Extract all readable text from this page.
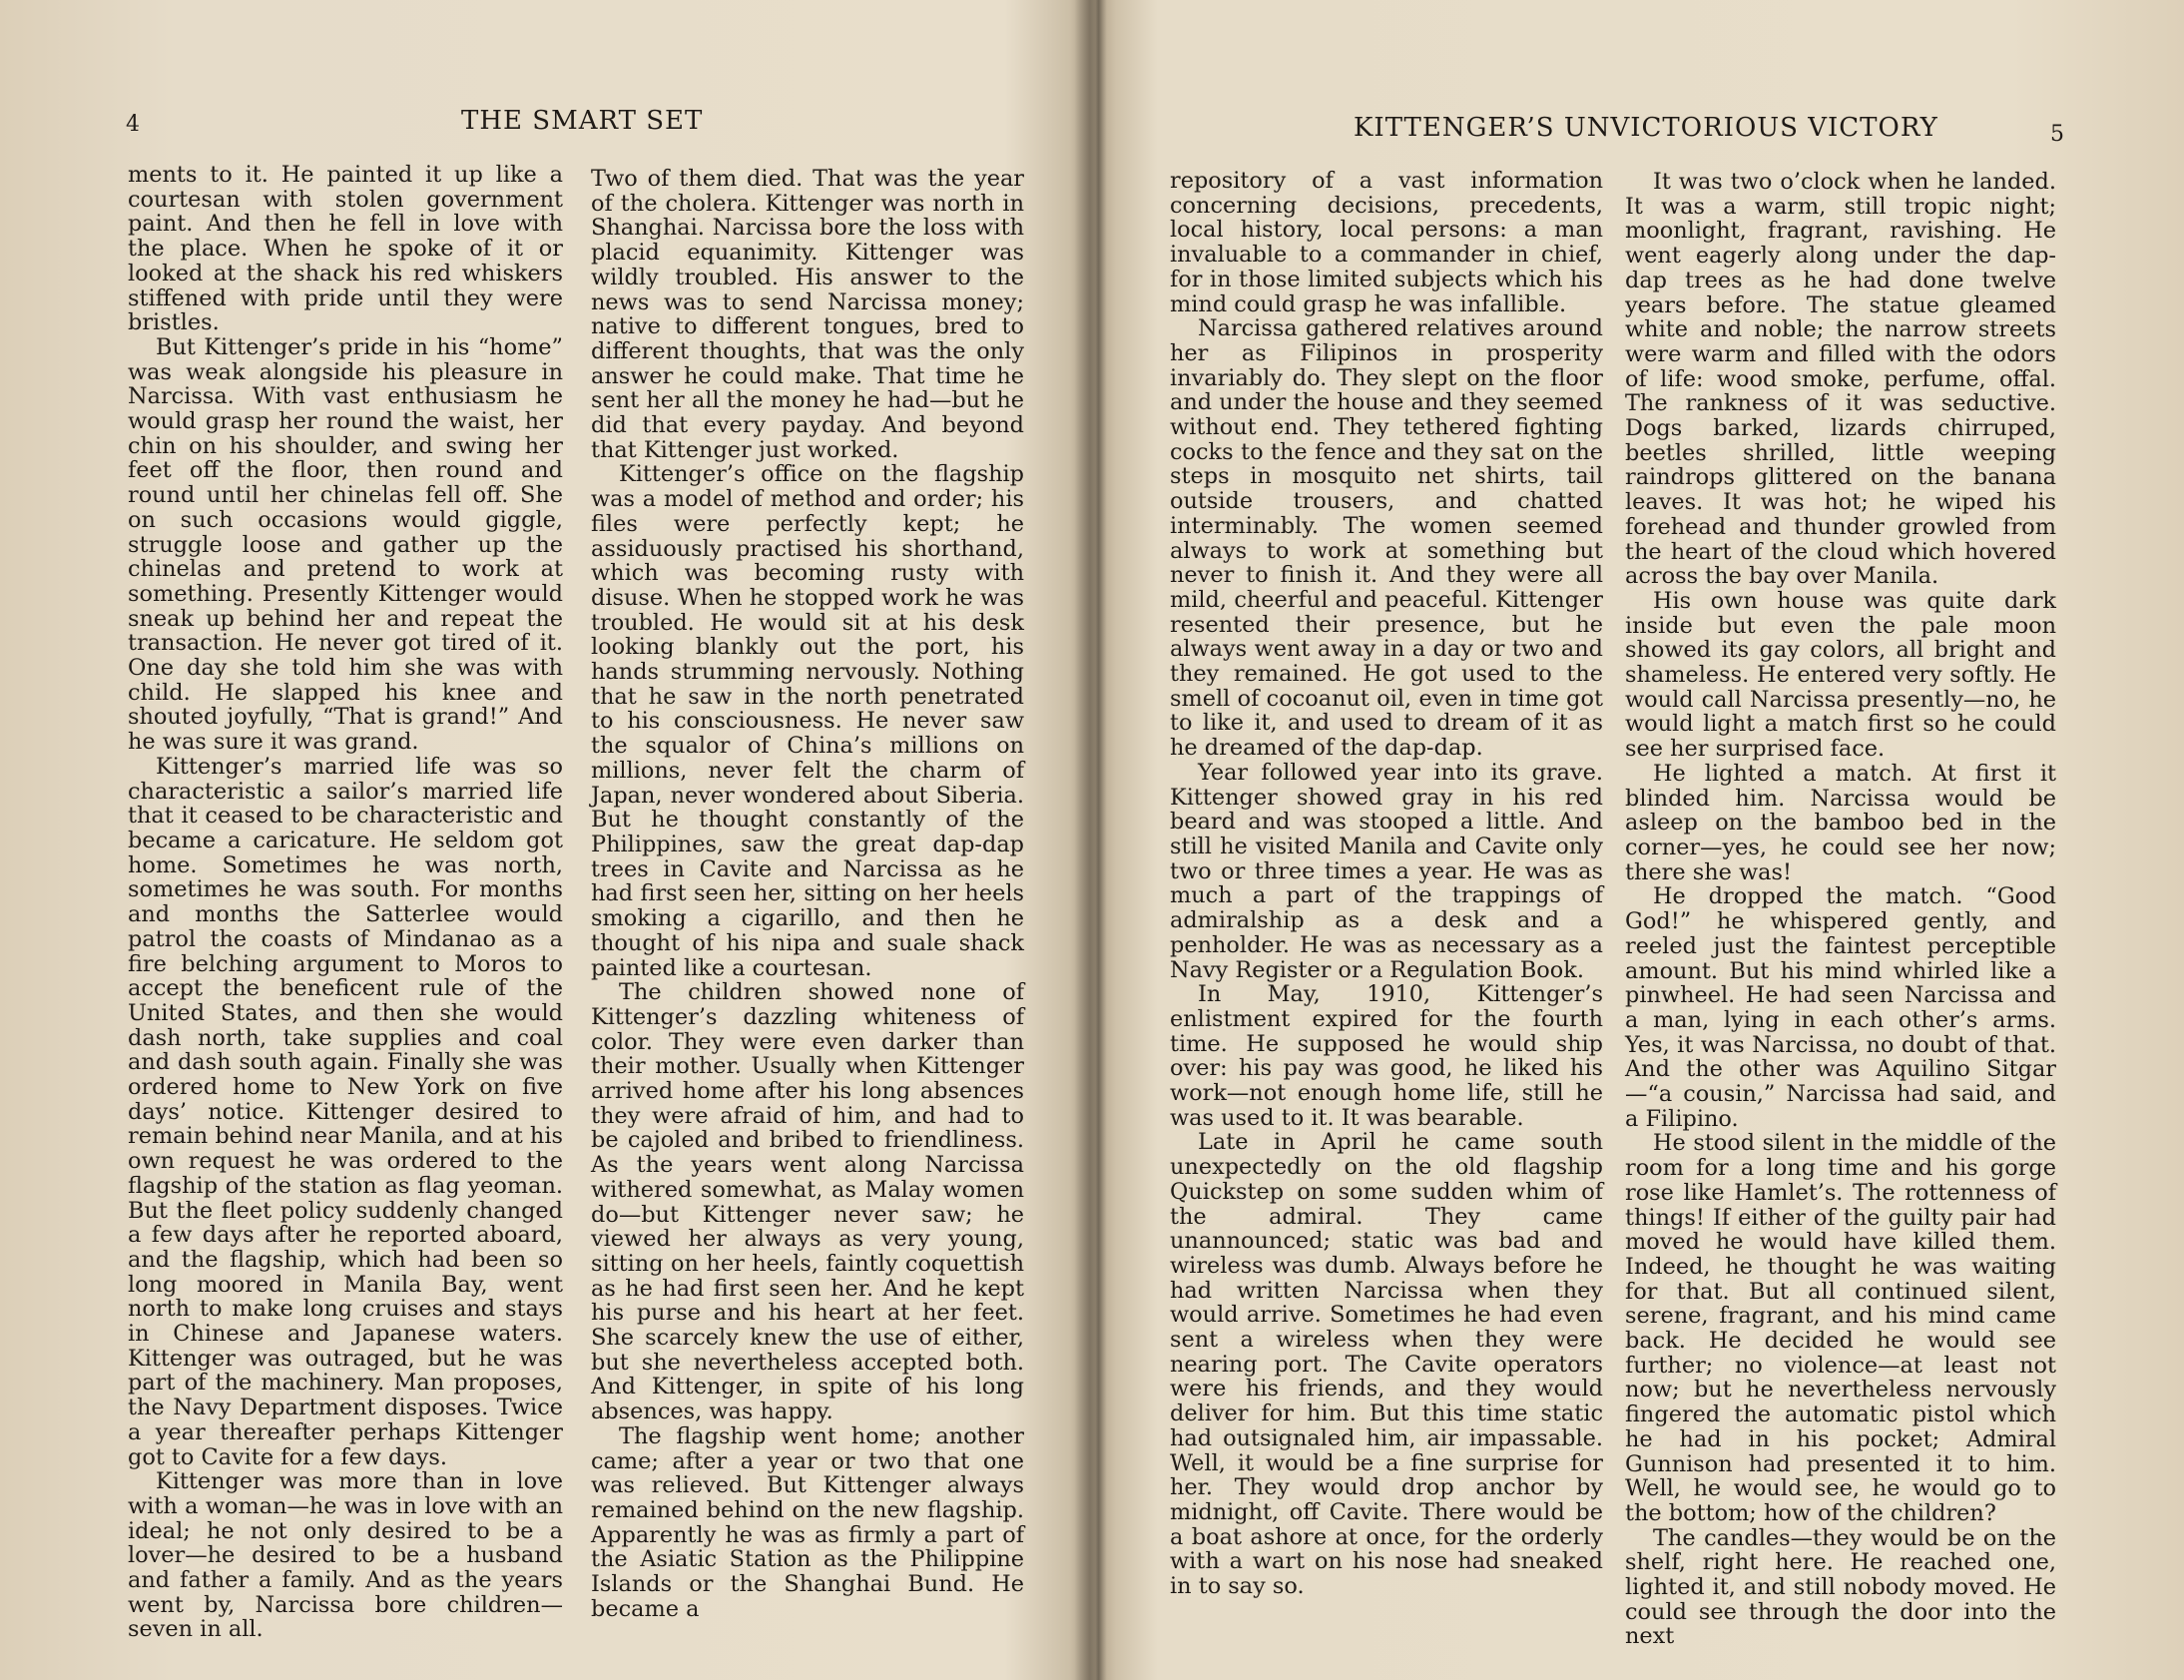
4	THE SMART SET

ments to it. He painted it up like a courtesan with stolen government paint. And then he fell in love with the place. When he spoke of it or looked at the shack his red whiskers stiffened with pride until they were bristles.

But Kittenger’s pride in his “home” was weak alongside his pleasure in Narcissa. With vast enthusiasm he would grasp her round the waist, her chin on his shoulder, and swing her feet off the floor, then round and round until her chinelas fell off. She on such occasions would giggle, struggle loose and gather up the chinelas and pretend to work at something. Presently Kittenger would sneak up behind her and repeat the transaction. He never got tired of it. One day she told him she was with child. He slapped his knee and shouted joyfully, “That is grand!” And he was sure it was grand.

Kittenger’s married life was so characteristic a sailor’s married life that it ceased to be characteristic and became a caricature. He seldom got home. Sometimes he was north, sometimes he was south. For months and months the Satterlee would patrol the coasts of Mindanao as a fire belching argument to Moros to accept the beneficent rule of the United States, and then she would dash north, take supplies and coal and dash south again. Finally she was ordered home to New York on five days’ notice. Kittenger desired to remain behind near Manila, and at his own request he was ordered to the flagship of the station as flag yeoman. But the fleet policy suddenly changed a few days after he reported aboard, and the flagship, which had been so long moored in Manila Bay, went north to make long cruises and stays in Chinese and Japanese waters. Kittenger was outraged, but he was part of the machinery. Man proposes, the Navy Department disposes. Twice a year thereafter perhaps Kittenger got to Cavite for a few days.

Kittenger was more than in love with a woman—he was in love with an ideal; he not only desired to be a lover—he desired to be a husband and father a family. And as the years went by, Narcissa bore children—seven in all.

Two of them died. That was the year of the cholera. Kittenger was north in Shanghai. Narcissa bore the loss with placid equanimity. Kittenger was wildly troubled. His answer to the news was to send Narcissa money; native to different tongues, bred to different thoughts, that was the only answer he could make. That time he sent her all the money he had—but he did that every payday. And beyond that Kittenger just worked.

Kittenger’s office on the flagship was a model of method and order; his files were perfectly kept; he assiduously practised his shorthand, which was becoming rusty with disuse. When he stopped work he was troubled. He would sit at his desk looking blankly out the port, his hands strumming nervously. Nothing that he saw in the north penetrated to his consciousness. He never saw the squalor of China’s millions on millions, never felt the charm of Japan, never wondered about Siberia. But he thought constantly of the Philippines, saw the great dap-dap trees in Cavite and Narcissa as he had first seen her, sitting on her heels smoking a cigarillo, and then he thought of his nipa and suale shack painted like a courtesan.

The children showed none of Kittenger’s dazzling whiteness of color. They were even darker than their mother. Usually when Kittenger arrived home after his long absences they were afraid of him, and had to be cajoled and bribed to friendliness. As the years went along Narcissa withered somewhat, as Malay women do—but Kittenger never saw; he viewed her always as very young, sitting on her heels, faintly coquettish as he had first seen her. And he kept his purse and his heart at her feet. She scarcely knew the use of either, but she nevertheless accepted both. And Kittenger, in spite of his long absences, was happy.

The flagship went home; another came; after a year or two that one was relieved. But Kittenger always remained behind on the new flagship. Apparently he was as firmly a part of the Asiatic Station as the Philippine Islands or the Shanghai Bund. He became a

KITTENGER’S UNVICTORIOUS VICTORY	5

repository of a vast information concerning decisions, precedents, local history, local persons: a man invaluable to a commander in chief, for in those limited subjects which his mind could grasp he was infallible.

Narcissa gathered relatives around her as Filipinos in prosperity invariably do. They slept on the floor and under the house and they seemed without end. They tethered fighting cocks to the fence and they sat on the steps in mosquito net shirts, tail outside trousers, and chatted interminably. The women seemed always to work at something but never to finish it. And they were all mild, cheerful and peaceful. Kittenger resented their presence, but he always went away in a day or two and they remained. He got used to the smell of cocoanut oil, even in time got to like it, and used to dream of it as he dreamed of the dap-dap.

Year followed year into its grave. Kittenger showed gray in his red beard and was stooped a little. And still he visited Manila and Cavite only two or three times a year. He was as much a part of the trappings of admiralship as a desk and a penholder. He was as necessary as a Navy Register or a Regulation Book.

In May, 1910, Kittenger’s enlistment expired for the fourth time. He supposed he would ship over: his pay was good, he liked his work—not enough home life, still he was used to it. It was bearable.

Late in April he came south unexpectedly on the old flagship Quickstep on some sudden whim of the admiral. They came unannounced; static was bad and wireless was dumb. Always before he had written Narcissa when they would arrive. Sometimes he had even sent a wireless when they were nearing port. The Cavite operators were his friends, and they would deliver for him. But this time static had outsignaled him, air impassable. Well, it would be a fine surprise for her. They would drop anchor by midnight, off Cavite. There would be a boat ashore at once, for the orderly with a wart on his nose had sneaked in to say so.

It was two o’clock when he landed. It was a warm, still tropic night; moonlight, fragrant, ravishing. He went eagerly along under the dap-dap trees as he had done twelve years before. The statue gleamed white and noble; the narrow streets were warm and filled with the odors of life: wood smoke, perfume, offal. The rankness of it was seductive. Dogs barked, lizards chirruped, beetles shrilled, little weeping raindrops glittered on the banana leaves. It was hot; he wiped his forehead and thunder growled from the heart of the cloud which hovered across the bay over Manila.

His own house was quite dark inside but even the pale moon showed its gay colors, all bright and shameless. He entered very softly. He would call Narcissa presently—no, he would light a match first so he could see her surprised face.

He lighted a match. At first it blinded him. Narcissa would be asleep on the bamboo bed in the corner—yes, he could see her now; there she was!

He dropped the match. “Good God!” he whispered gently, and reeled just the faintest perceptible amount. But his mind whirled like a pinwheel. He had seen Narcissa and a man, lying in each other’s arms. Yes, it was Narcissa, no doubt of that. And the other was Aquilino Sitgar—“a cousin,” Narcissa had said, and a Filipino.

He stood silent in the middle of the room for a long time and his gorge rose like Hamlet’s. The rottenness of things! If either of the guilty pair had moved he would have killed them. Indeed, he thought he was waiting for that. But all continued silent, serene, fragrant, and his mind came back. He decided he would see further; no violence—at least not now; but he nevertheless nervously fingered the automatic pistol which he had in his pocket; Admiral Gunnison had presented it to him. Well, he would see, he would go to the bottom; how of the children?

The candles—they would be on the shelf, right here. He reached one, lighted it, and still nobody moved. He could see through the door into the next
